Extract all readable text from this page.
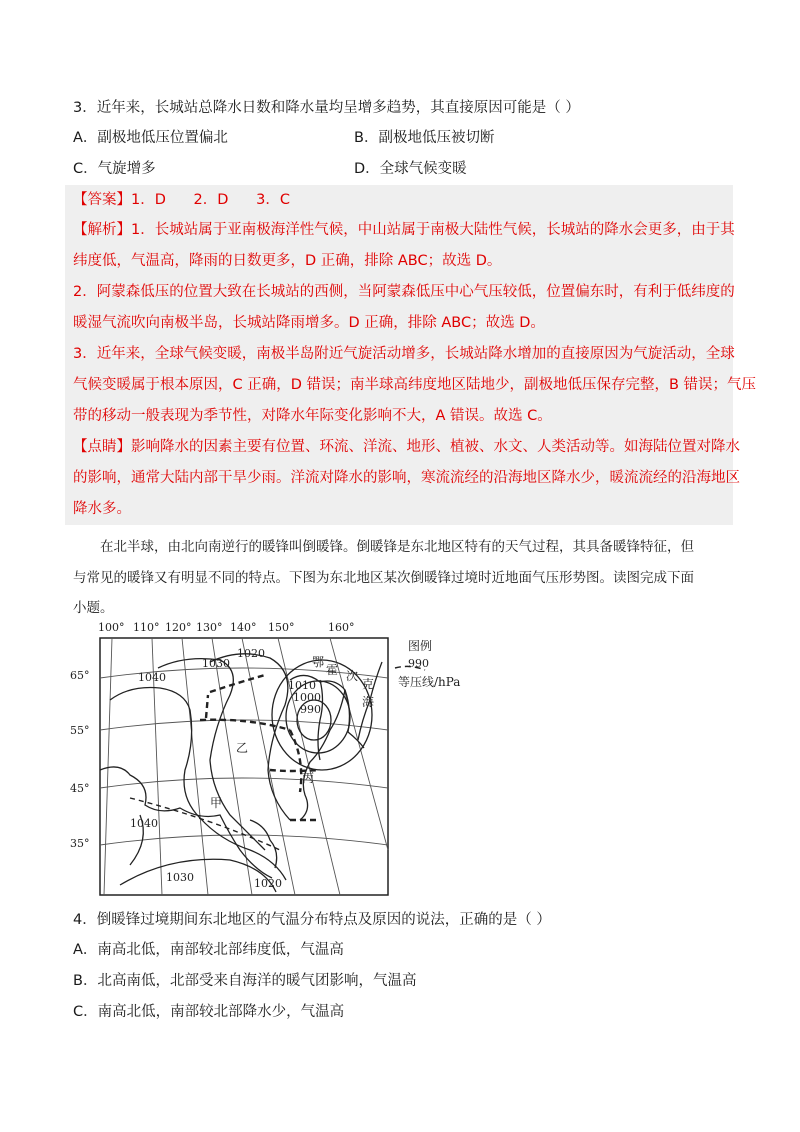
3．近年来，长城站总降水日数和降水量均呈增多趋势，其直接原因可能是（ ）
A．副极地低压位置偏北	B．副极地低压被切断
C．气旋增多	D．全球气候变暖
【答案】1．D      2．D      3．C
【解析】1．长城站属于亚南极海洋性气候，中山站属于南极大陆性气候，长城站的降水会更多，由于其
纬度低，气温高，降雨的日数更多，D 正确，排除 ABC；故选 D。
2．阿蒙森低压的位置大致在长城站的西侧，当阿蒙森低压中心气压较低，位置偏东时，有利于低纬度的
暖湿气流吹向南极半岛，长城站降雨增多。D 正确，排除 ABC；故选 D。
3．近年来，全球气候变暖，南极半岛附近气旋活动增多，长城站降水增加的直接原因为气旋活动，全球
气候变暖属于根本原因，C 正确，D 错误；南半球高纬度地区陆地少，副极地低压保存完整，B 错误；气压
带的移动一般表现为季节性，对降水年际变化影响不大，A 错误。故选 C。
【点睛】影响降水的因素主要有位置、环流、洋流、地形、植被、水文、人类活动等。如海陆位置对降水
的影响，通常大陆内部干旱少雨。洋流对降水的影响，寒流流经的沿海地区降水少，暖流流经的沿海地区
降水多。
在北半球，由北向南逆行的暖锋叫倒暖锋。倒暖锋是东北地区特有的天气过程，其具备暖锋特征，但
与常见的暖锋又有明显不同的特点。下图为东北地区某次倒暖锋过境时近地面气压形势图。读图完成下面
小题。
100° 110° 120° 130° 140° 150°	160°
65°
55°
45°
35°
1040
1030
1020
1010
1000
990
1040
1030	1020
鄂
霍 次
克
海
乙
丙
甲
图例
990
等压线/hPa
4．倒暖锋过境期间东北地区的气温分布特点及原因的说法，正确的是（ ）
A．南高北低，南部较北部纬度低，气温高
B．北高南低，北部受来自海洋的暖气团影响，气温高
C．南高北低，南部较北部降水少，气温高
